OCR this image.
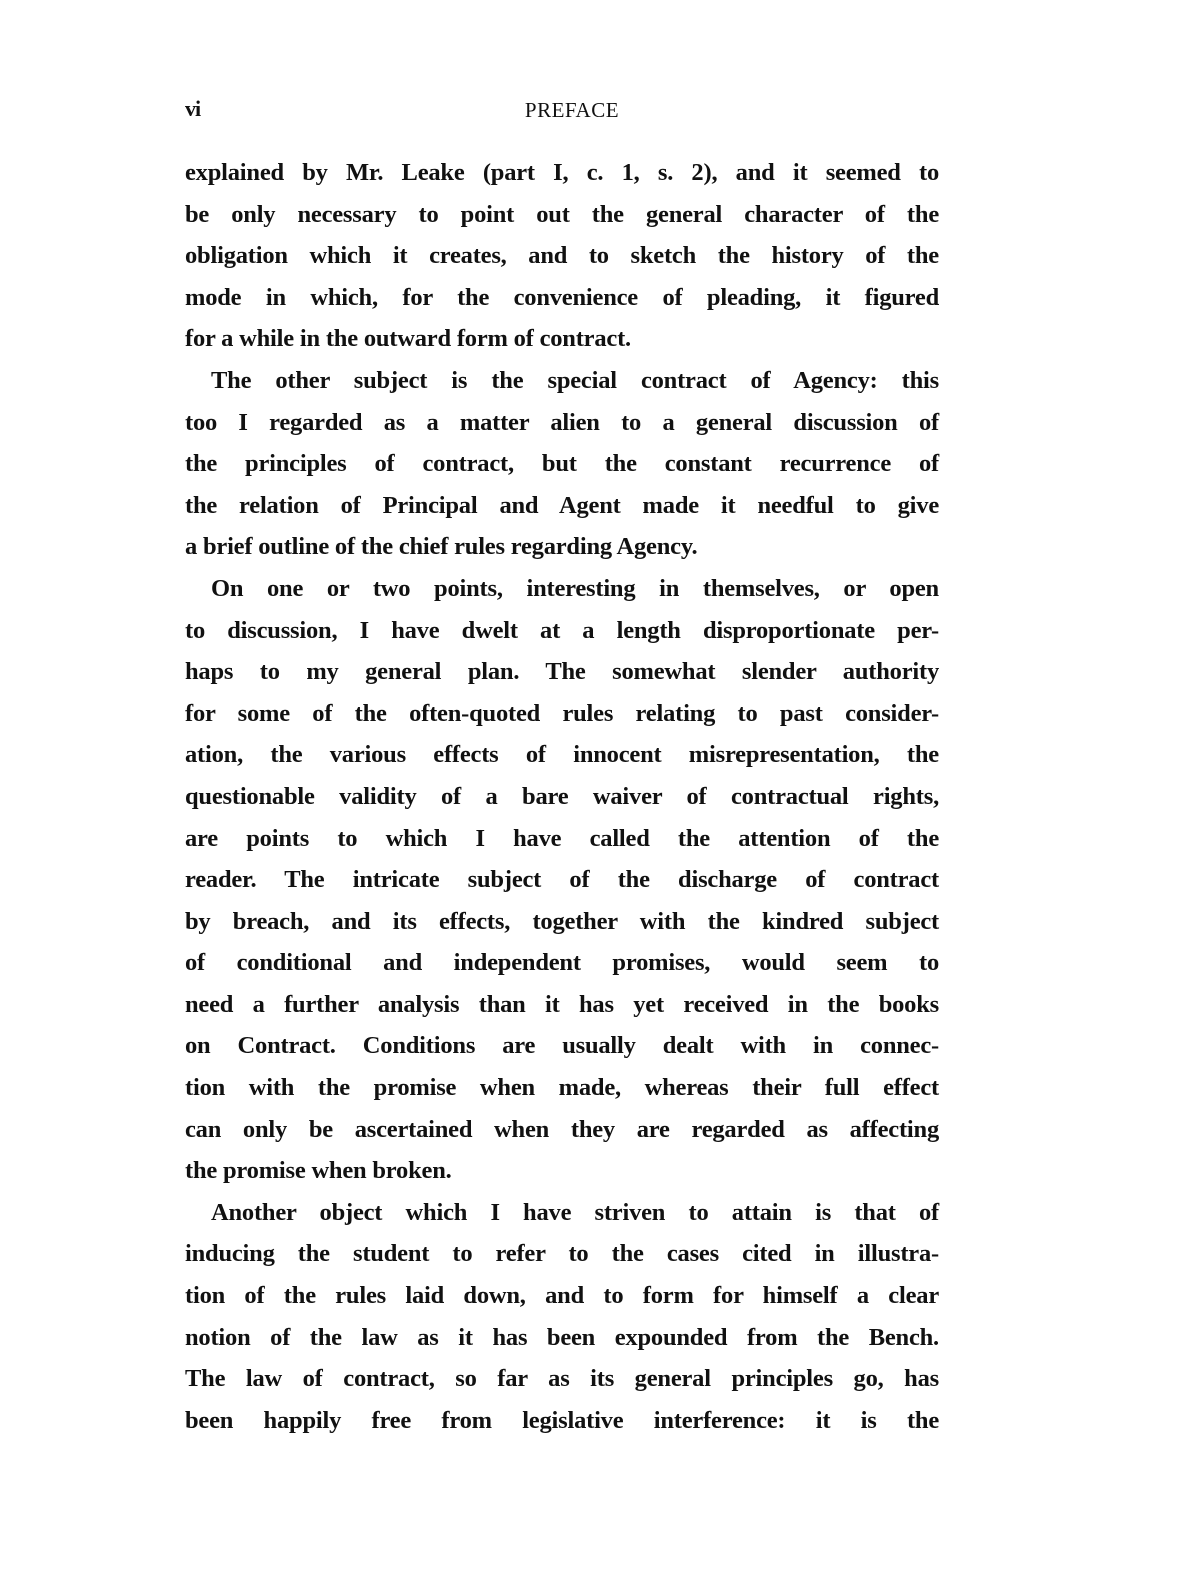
vi	PREFACE
explained by Mr. Leake (part I, c. 1, s. 2), and it seemed to
be only necessary to point out the general character of the
obligation which it creates, and to sketch the history of the
mode in which, for the convenience of pleading, it figured
for a while in the outward form of contract.
The other subject is the special contract of Agency: this
too I regarded as a matter alien to a general discussion of
the principles of contract, but the constant recurrence of
the relation of Principal and Agent made it needful to give
a brief outline of the chief rules regarding Agency.
On one or two points, interesting in themselves, or open
to discussion, I have dwelt at a length disproportionate per-
haps to my general plan. The somewhat slender authority
for some of the often-quoted rules relating to past consider-
ation, the various effects of innocent misrepresentation, the
questionable validity of a bare waiver of contractual rights,
are points to which I have called the attention of the
reader. The intricate subject of the discharge of contract
by breach, and its effects, together with the kindred subject
of conditional and independent promises, would seem to
need a further analysis than it has yet received in the books
on Contract. Conditions are usually dealt with in connec-
tion with the promise when made, whereas their full effect
can only be ascertained when they are regarded as affecting
the promise when broken.
Another object which I have striven to attain is that of
inducing the student to refer to the cases cited in illustra-
tion of the rules laid down, and to form for himself a clear
notion of the law as it has been expounded from the Bench.
The law of contract, so far as its general principles go, has
been happily free from legislative interference: it is the
